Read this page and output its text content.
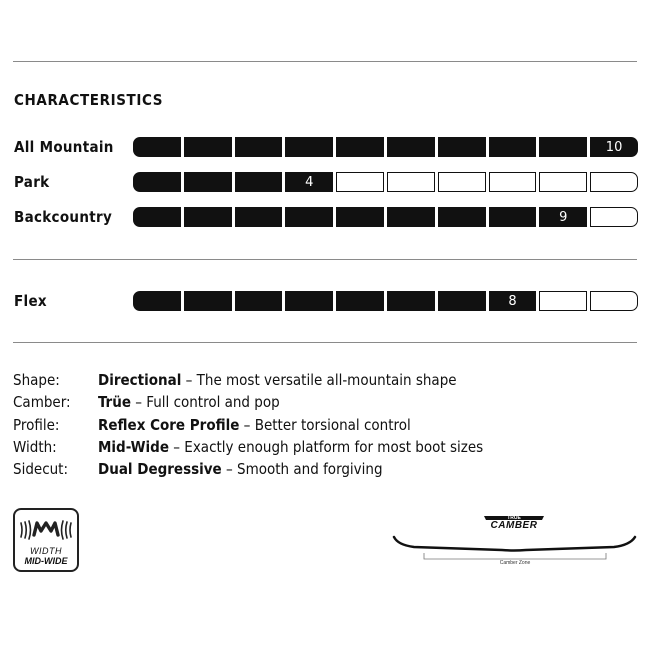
CHARACTERISTICS
All Mountain	10
Park	4
Backcountry	9
Flex	8
Shape:	Directional – The most versatile all-mountain shape
Camber: Trüe – Full control and pop
Profile:	Reflex Core Profile – Better torsional control
Width:	Mid-Wide – Exactly enough platform for most boot sizes
Sidecut: Dual Degressive – Smooth and forgiving
WIDTH
MID-WIDE
TRÜE
CAMBER
Camber Zone
